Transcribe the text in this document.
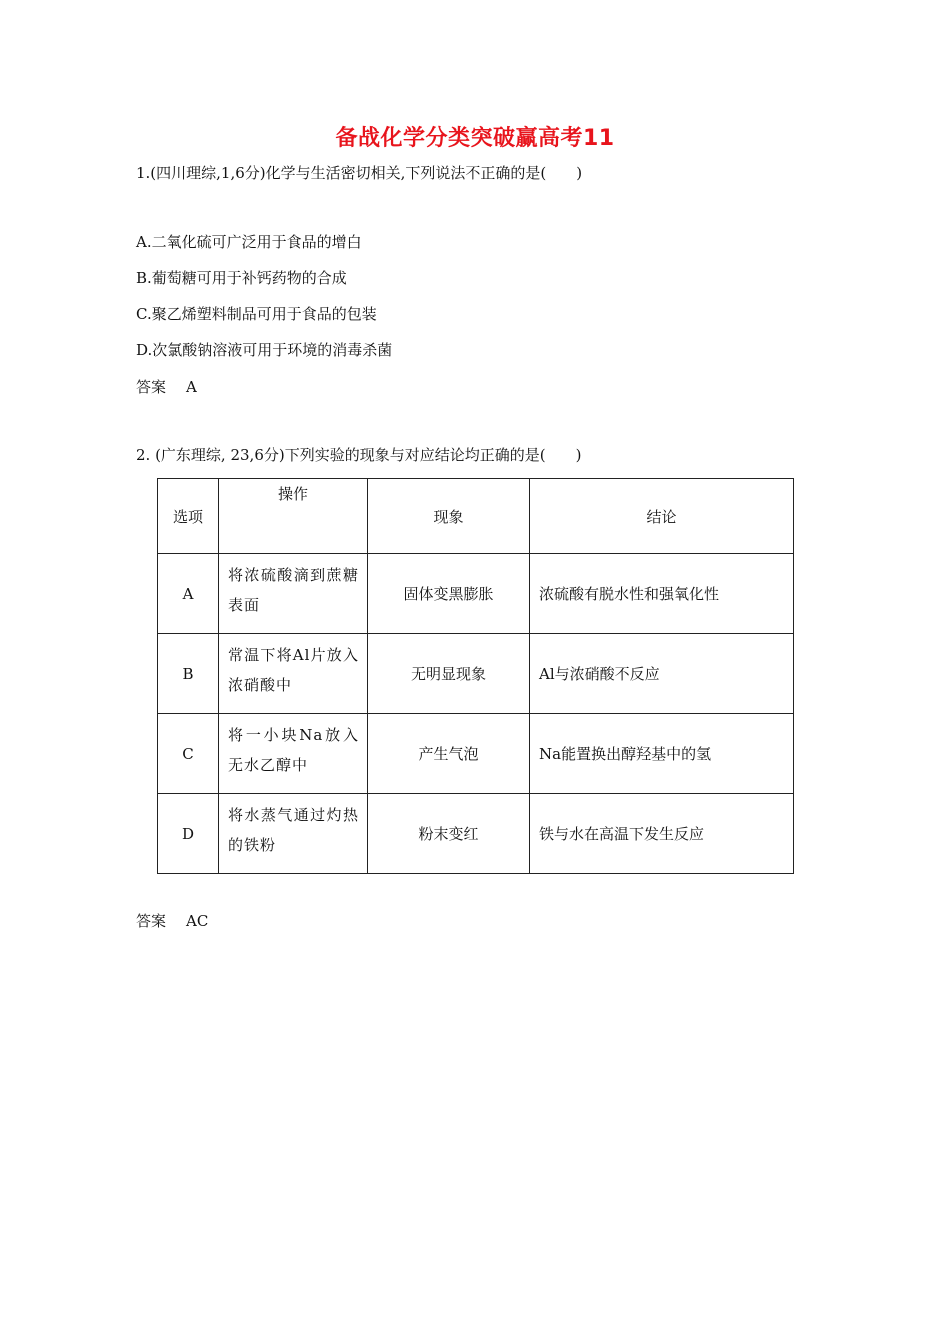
备战化学分类突破赢高考11
1.(四川理综,1,6分)化学与生活密切相关,下列说法不正确的是(　　)
A.二氧化硫可广泛用于食品的增白
B.葡萄糖可用于补钙药物的合成
C.聚乙烯塑料制品可用于食品的包装
D.次氯酸钠溶液可用于环境的消毒杀菌
答案 A
2. (广东理综, 23,6分)下列实验的现象与对应结论均正确的是(　　)
选项	操作	现象	结论
A	将浓硫酸滴到蔗糖表面	固体变黑膨胀	浓硫酸有脱水性和强氧化性
B	常温下将Al片放入浓硝酸中	无明显现象	Al与浓硝酸不反应
C	将一小块Na放入无水乙醇中	产生气泡	Na能置换出醇羟基中的氢
D	将水蒸气通过灼热的铁粉	粉末变红	铁与水在高温下发生反应
答案 AC
